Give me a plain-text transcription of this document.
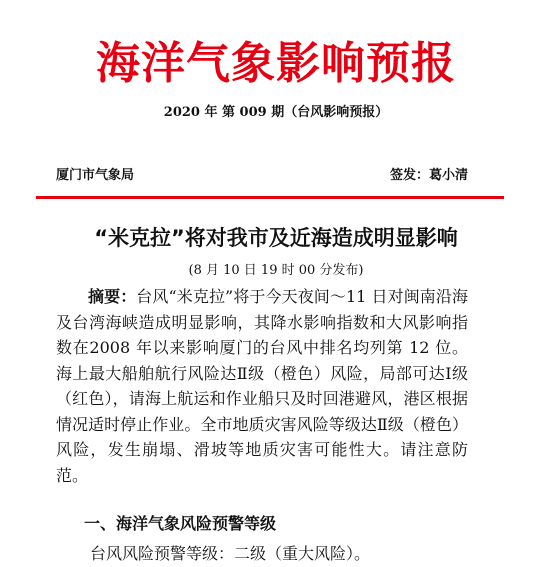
海洋气象影响预报
2020 年 第 009 期（台风影响预报）
厦门市气象局	签发：葛小清
“米克拉”将对我市及近海造成明显影响
(8 月 10 日 19 时 00 分发布)
摘要：台风“米克拉”将于今天夜间～11 日对闽南沿海及台湾海峡造成明显影响，其降水影响指数和大风影响指数在2008 年以来影响厦门的台风中排名均列第 12 位。海上最大船舶航行风险达Ⅱ级（橙色）风险，局部可达Ⅰ级（红色），请海上航运和作业船只及时回港避风，港区根据情况适时停止作业。全市地质灾害风险等级达Ⅱ级（橙色）风险，发生崩塌、滑坡等地质灾害可能性大。请注意防范。
一、海洋气象风险预警等级
台风风险预警等级：二级（重大风险）。
